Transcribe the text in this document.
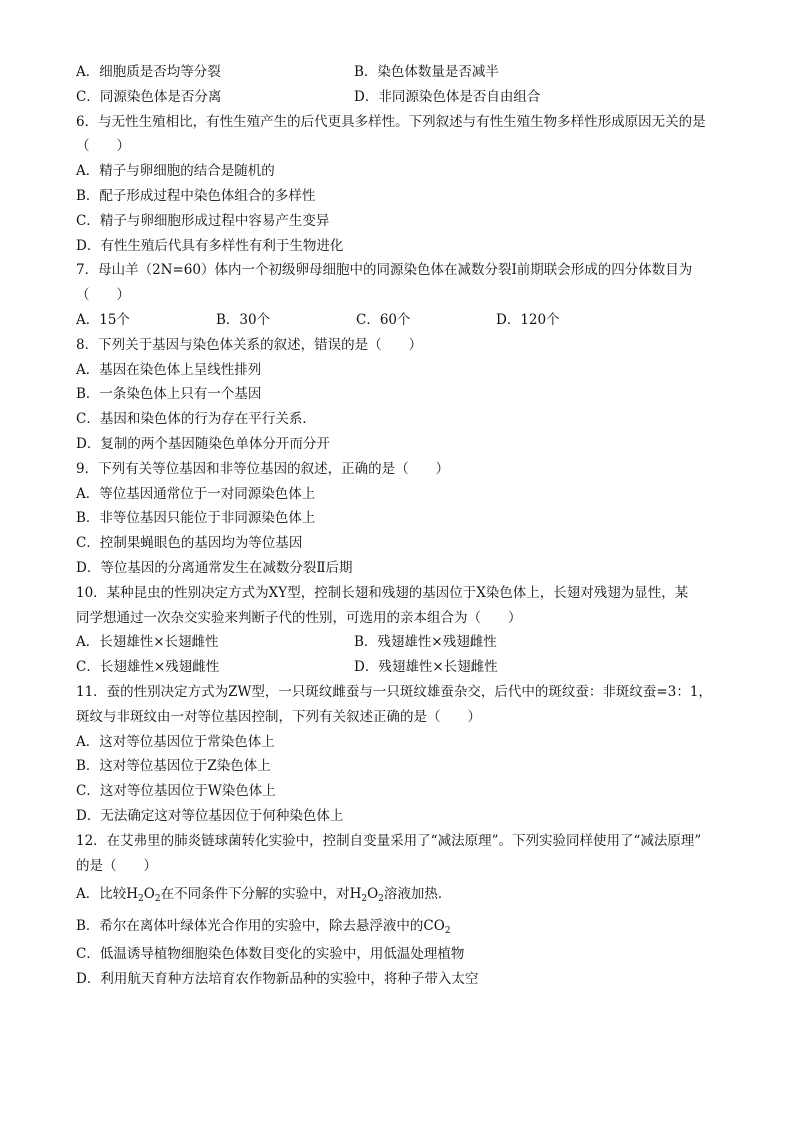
A．细胞质是否均等分裂	B．染色体数量是否减半
C．同源染色体是否分离	D．非同源染色体是否自由组合
6．与无性生殖相比，有性生殖产生的后代更具多样性。下列叙述与有性生殖生物多样性形成原因无关的是
（　　）
A．精子与卵细胞的结合是随机的
B．配子形成过程中染色体组合的多样性
C．精子与卵细胞形成过程中容易产生变异
D．有性生殖后代具有多样性有利于生物进化
7．母山羊（2N=60）体内一个初级卵母细胞中的同源染色体在减数分裂Ⅰ前期联会形成的四分体数目为
（　　）
A．15个	B．30个	C．60个	D．120个
8．下列关于基因与染色体关系的叙述，错误的是（　　）
A．基因在染色体上呈线性排列
B．一条染色体上只有一个基因
C．基因和染色体的行为存在平行关系．
D．复制的两个基因随染色单体分开而分开
9．下列有关等位基因和非等位基因的叙述，正确的是（　　）
A．等位基因通常位于一对同源染色体上
B．非等位基因只能位于非同源染色体上
C．控制果蝇眼色的基因均为等位基因
D．等位基因的分离通常发生在减数分裂Ⅱ后期
10．某种昆虫的性别决定方式为XY型，控制长翅和残翅的基因位于X染色体上，长翅对残翅为显性，某
同学想通过一次杂交实验来判断子代的性别，可选用的亲本组合为（　　）
A．长翅雄性×长翅雌性	B．残翅雄性×残翅雌性
C．长翅雄性×残翅雌性	D．残翅雄性×长翅雌性
11．蚕的性别决定方式为ZW型，一只斑纹雌蚕与一只斑纹雄蚕杂交，后代中的斑纹蚕：非斑纹蚕=3：1，
斑纹与非斑纹由一对等位基因控制，下列有关叙述正确的是（　　）
A．这对等位基因位于常染色体上
B．这对等位基因位于Z染色体上
C．这对等位基因位于W染色体上
D．无法确定这对等位基因位于何种染色体上
12．在艾弗里的肺炎链球菌转化实验中，控制自变量采用了“减法原理”。下列实验同样使用了“减法原理”
的是（　　）
A．比较$H_2O_2$在不同条件下分解的实验中，对$H_2O_2$溶液加热．
B．希尔在离体叶绿体光合作用的实验中，除去悬浮液中的$CO_2$
C．低温诱导植物细胞染色体数目变化的实验中，用低温处理植物
D．利用航天育种方法培育农作物新品种的实验中，将种子带入太空
